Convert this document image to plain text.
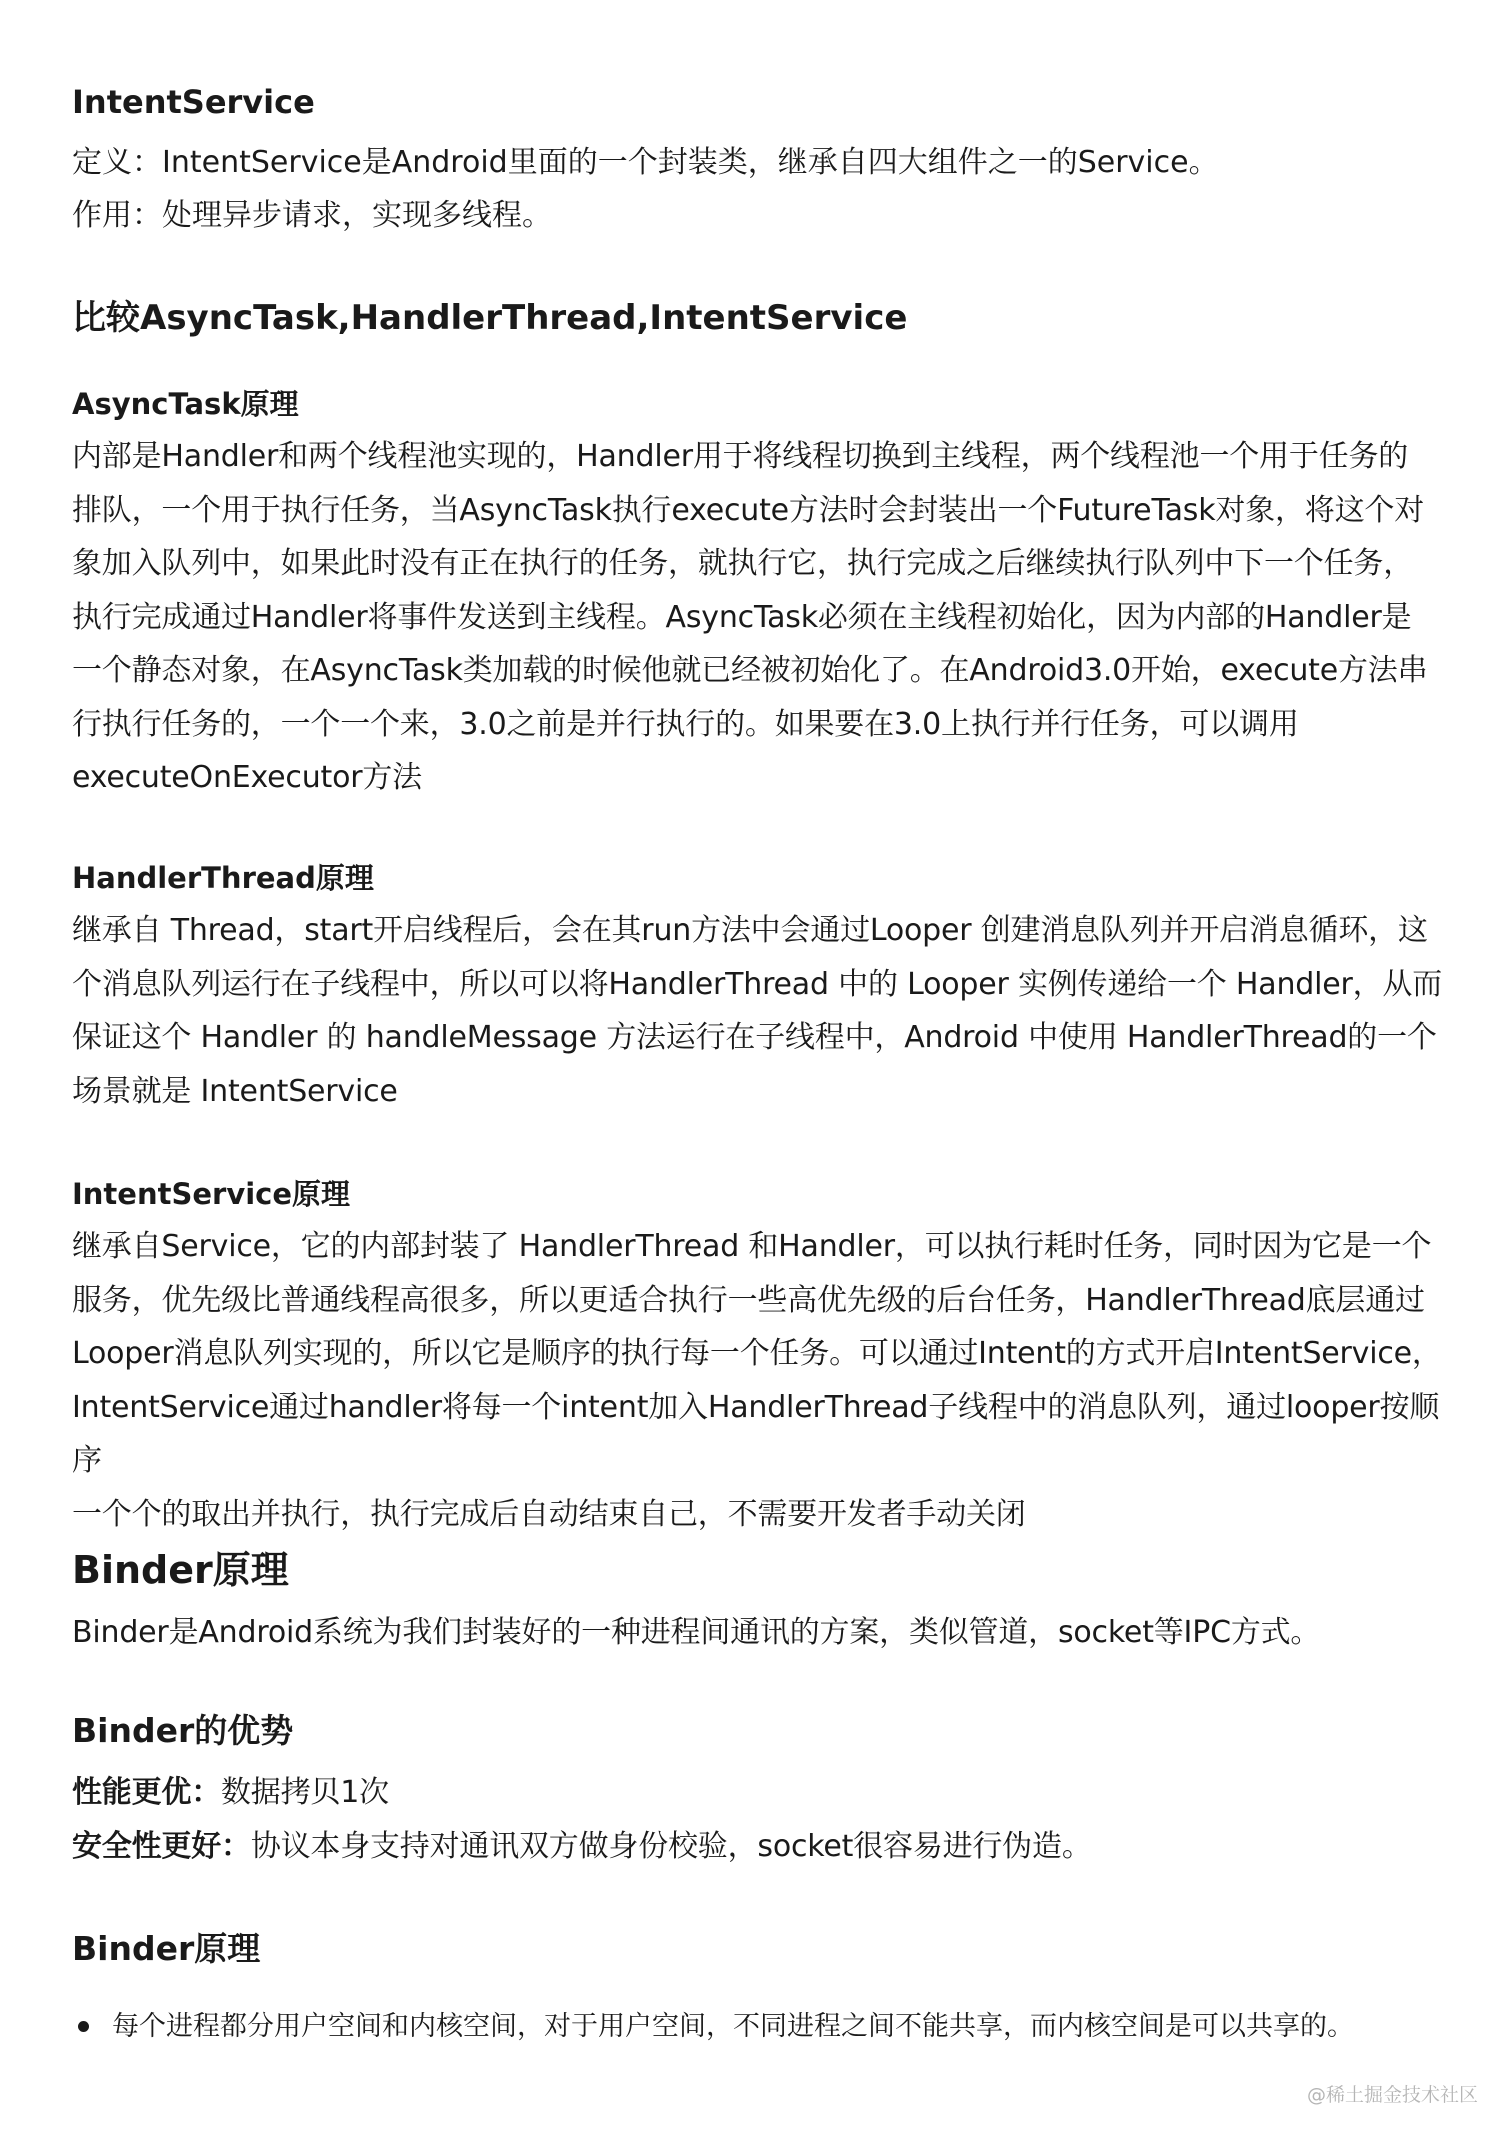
IntentService

定义：IntentService是Android里面的一个封装类，继承自四大组件之一的Service。

作用：处理异步请求，实现多线程。

比较AsyncTask,HandlerThread,IntentService
AsyncTask原理
内部是Handler和两个线程池实现的，Handler用于将线程切换到主线程，两个线程池一个用于任务的
排队，一个用于执行任务，当AsyncTask执行execute方法时会封装出一个FutureTask对象，将这个对
象加入队列中，如果此时没有正在执行的任务，就执行它，执行完成之后继续执行队列中下一个任务，
执行完成通过Handler将事件发送到主线程。AsyncTask必须在主线程初始化，因为内部的Handler是
一个静态对象，在AsyncTask类加载的时候他就已经被初始化了。在Android3.0开始，execute方法串
行执行任务的，一个一个来，3.0之前是并行执行的。如果要在3.0上执行并行任务，可以调用
executeOnExecutor方法
HandlerThread原理
继承自 Thread，start开启线程后，会在其run方法中会通过Looper 创建消息队列并开启消息循环，这
个消息队列运行在子线程中，所以可以将HandlerThread 中的 Looper 实例传递给一个 Handler，从而
保证这个 Handler 的 handleMessage 方法运行在子线程中，Android 中使用 HandlerThread的一个
场景就是 IntentService
IntentService原理
继承自Service，它的内部封装了 HandlerThread 和Handler，可以执行耗时任务，同时因为它是一个
服务，优先级比普通线程高很多，所以更适合执行一些高优先级的后台任务，HandlerThread底层通过
Looper消息队列实现的，所以它是顺序的执行每一个任务。可以通过Intent的方式开启IntentService，
IntentService通过handler将每一个intent加入HandlerThread子线程中的消息队列，通过looper按顺序
一个个的取出并执行，执行完成后自动结束自己，不需要开发者手动关闭
Binder原理

Binder是Android系统为我们封装好的一种进程间通讯的方案，类似管道，socket等IPC方式。

Binder的优势
性能更优：数据拷贝1次
安全性更好：协议本身支持对通讯双方做身份校验，socket很容易进行伪造。
Binder原理
每个进程都分用户空间和内核空间，对于用户空间，不同进程之间不能共享，而内核空间是可以共享的。
@稀土掘金技术社区
